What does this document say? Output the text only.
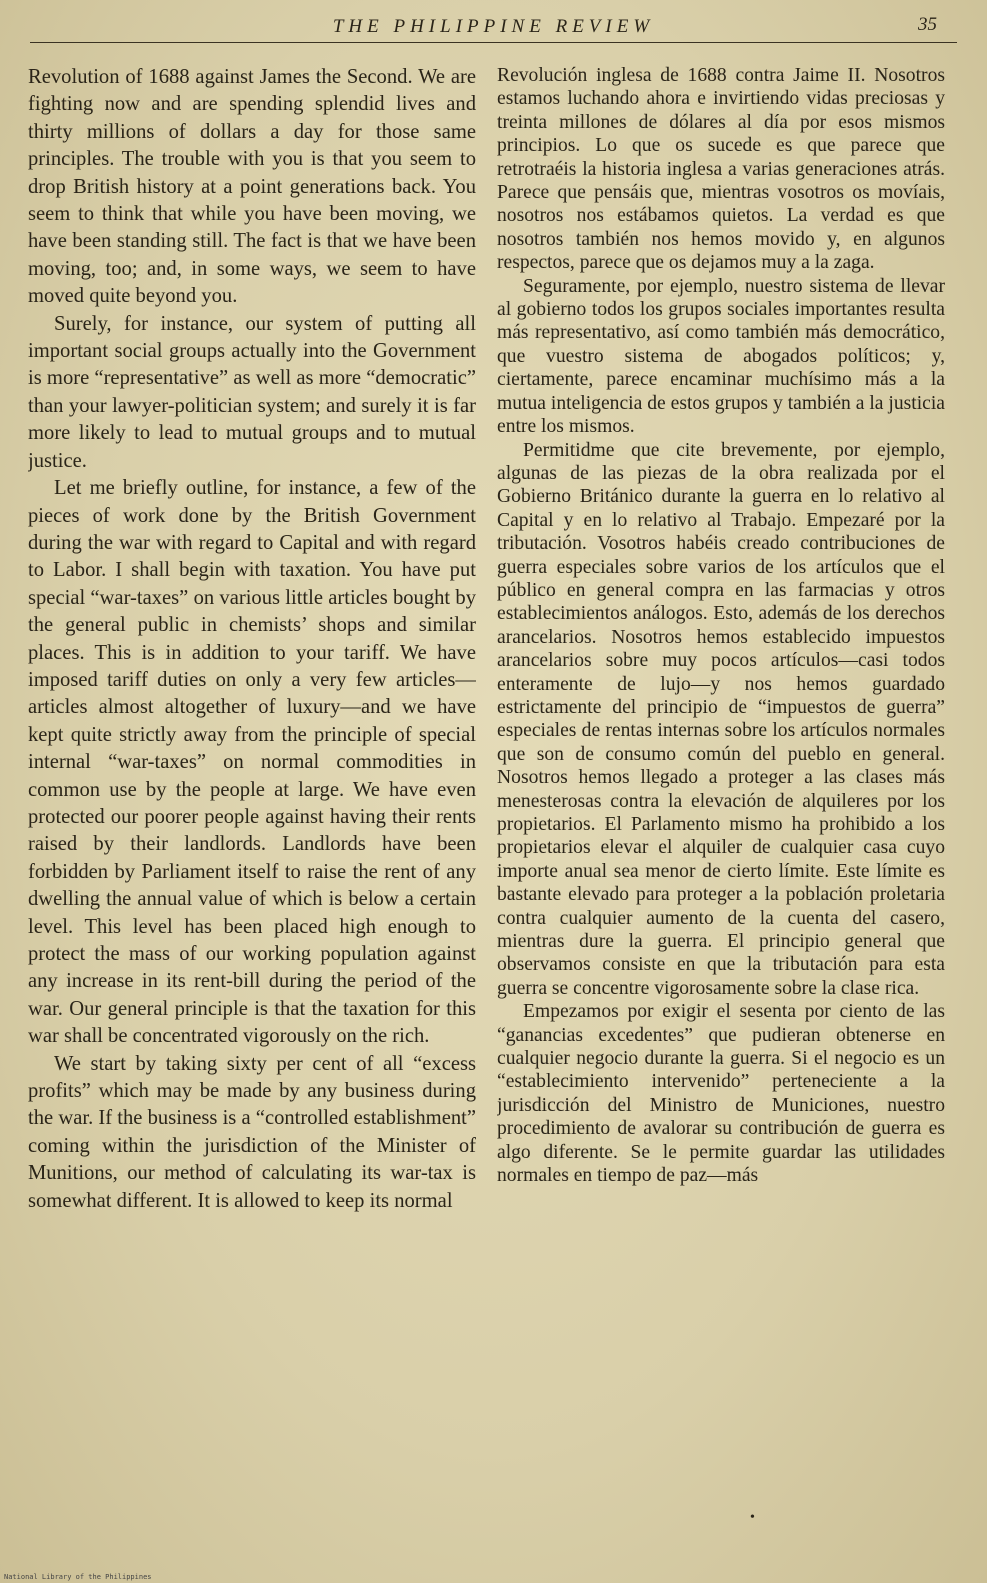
THE PHILIPPINE REVIEW	35

Revolution of 1688 against James the Second. We are fighting now and are spending splendid lives and thirty millions of dollars a day for those same principles. The trouble with you is that you seem to drop British history at a point generations back. You seem to think that while you have been moving, we have been standing still. The fact is that we have been moving, too; and, in some ways, we seem to have moved quite beyond you.

Surely, for instance, our system of putting all important social groups actually into the Government is more “representative” as well as more “democratic” than your lawyer-politician system; and surely it is far more likely to lead to mutual groups and to mutual justice.

Let me briefly outline, for instance, a few of the pieces of work done by the British Government during the war with regard to Capital and with regard to Labor. I shall begin with taxation. You have put special “war-taxes” on various little articles bought by the general public in chemists’ shops and similar places. This is in addition to your tariff. We have imposed tariff duties on only a very few articles—articles almost altogether of luxury—and we have kept quite strictly away from the principle of special internal “war-taxes” on normal commodities in common use by the people at large. We have even protected our poorer people against having their rents raised by their landlords. Landlords have been forbidden by Parliament itself to raise the rent of any dwelling the annual value of which is below a certain level. This level has been placed high enough to protect the mass of our working population against any increase in its rent-bill during the period of the war. Our general principle is that the taxation for this war shall be concentrated vigorously on the rich.

We start by taking sixty per cent of all “excess profits” which may be made by any business during the war. If the business is a “controlled establishment” coming within the jurisdiction of the Minister of Munitions, our method of calculating its war-tax is somewhat different. It is allowed to keep its normal

Revolución inglesa de 1688 contra Jaime II. Nosotros estamos luchando ahora e invirtiendo vidas preciosas y treinta millones de dólares al día por esos mismos principios. Lo que os sucede es que parece que retrotraéis la historia inglesa a varias generaciones atrás. Parece que pensáis que, mientras vosotros os movíais, nosotros nos estábamos quietos. La verdad es que nosotros también nos hemos movido y, en algunos respectos, parece que os dejamos muy a la zaga.

Seguramente, por ejemplo, nuestro sistema de llevar al gobierno todos los grupos sociales importantes resulta más representativo, así como también más democrático, que vuestro sistema de abogados políticos; y, ciertamente, parece encaminar muchísimo más a la mutua inteligencia de estos grupos y también a la justicia entre los mismos.

Permitidme que cite brevemente, por ejemplo, algunas de las piezas de la obra realizada por el Gobierno Británico durante la guerra en lo relativo al Capital y en lo relativo al Trabajo. Empezaré por la tributación. Vosotros habéis creado contribuciones de guerra especiales sobre varios de los artículos que el público en general compra en las farmacias y otros establecimientos análogos. Esto, además de los derechos arancelarios. Nosotros hemos establecido impuestos arancelarios sobre muy pocos artículos—casi todos enteramente de lujo—y nos hemos guardado estrictamente del principio de “impuestos de guerra” especiales de rentas internas sobre los artículos normales que son de consumo común del pueblo en general. Nosotros hemos llegado a proteger a las clases más menesterosas contra la elevación de alquileres por los propietarios. El Parlamento mismo ha prohibido a los propietarios elevar el alquiler de cualquier casa cuyo importe anual sea menor de cierto límite. Este límite es bastante elevado para proteger a la población proletaria contra cualquier aumento de la cuenta del casero, mientras dure la guerra. El principio general que observamos consiste en que la tributación para esta guerra se concentre vigorosamente sobre la clase rica.

Empezamos por exigir el sesenta por ciento de las “ganancias excedentes” que pudieran obtenerse en cualquier negocio durante la guerra. Si el negocio es un “establecimiento intervenido” perteneciente a la jurisdicción del Ministro de Municiones, nuestro procedimiento de avalorar su contribución de guerra es algo diferente. Se le permite guardar las utilidades normales en tiempo de paz—más

•
National Library of the Philippines
